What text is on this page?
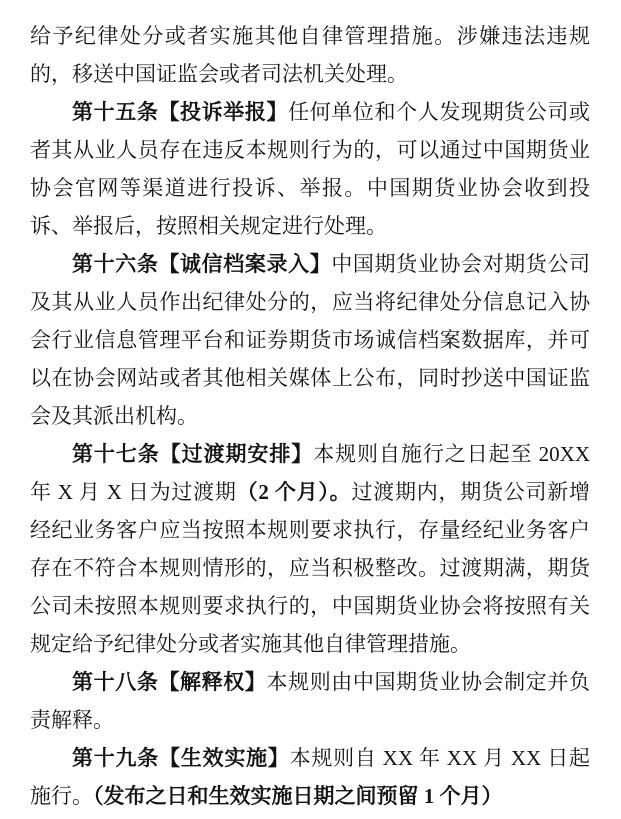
给予纪律处分或者实施其他自律管理措施。涉嫌违法违规的，移送中国证监会或者司法机关处理。

第十五条【投诉举报】任何单位和个人发现期货公司或者其从业人员存在违反本规则行为的，可以通过中国期货业协会官网等渠道进行投诉、举报。中国期货业协会收到投诉、举报后，按照相关规定进行处理。

第十六条【诚信档案录入】中国期货业协会对期货公司及其从业人员作出纪律处分的，应当将纪律处分信息记入协会行业信息管理平台和证券期货市场诚信档案数据库，并可以在协会网站或者其他相关媒体上公布，同时抄送中国证监会及其派出机构。

第十七条【过渡期安排】本规则自施行之日起至 20XX 年 X 月 X 日为过渡期（2 个月）。过渡期内，期货公司新增经纪业务客户应当按照本规则要求执行，存量经纪业务客户存在不符合本规则情形的，应当积极整改。过渡期满，期货公司未按照本规则要求执行的，中国期货业协会将按照有关规定给予纪律处分或者实施其他自律管理措施。

第十八条【解释权】本规则由中国期货业协会制定并负责解释。

第十九条【生效实施】本规则自 XX 年 XX 月 XX 日起施行。（发布之日和生效实施日期之间预留 1 个月）
